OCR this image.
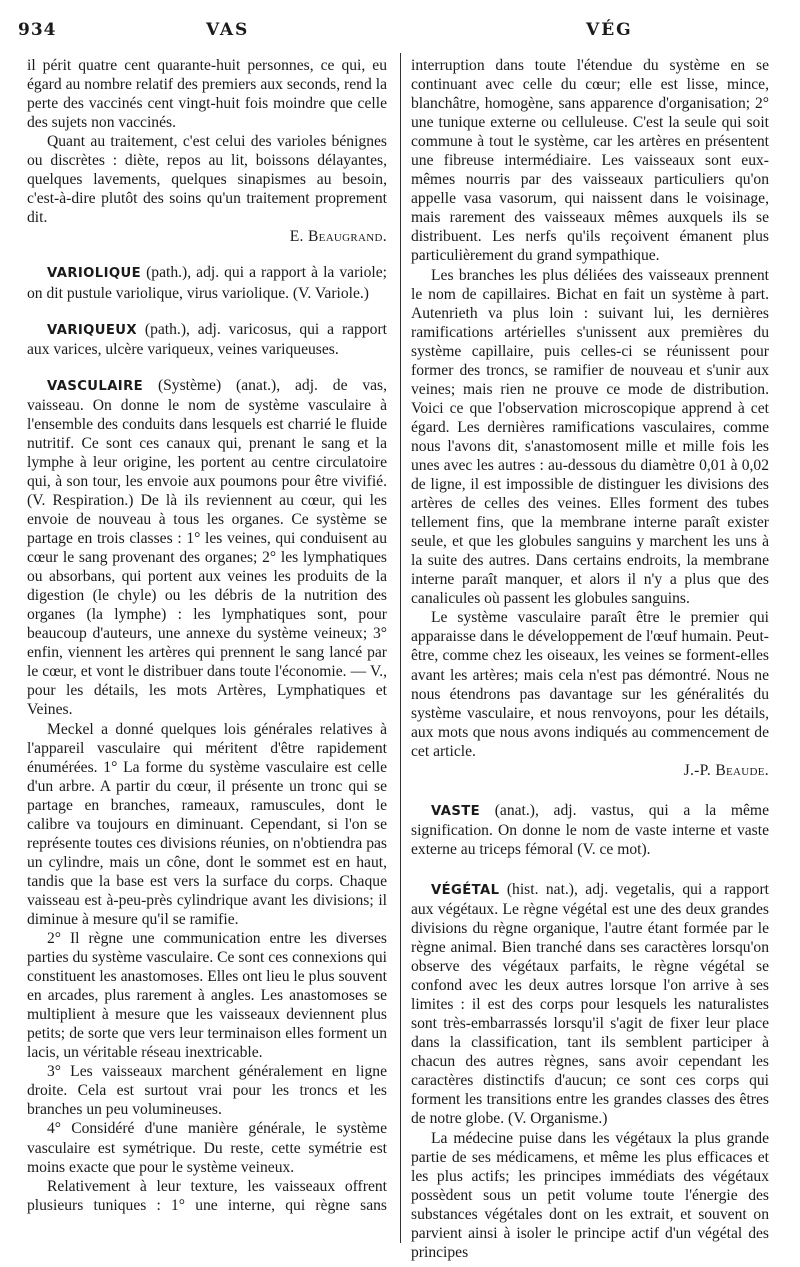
934	VAS	VÉG

il périt quatre cent quarante-huit personnes, ce qui, eu égard au nombre relatif des premiers aux seconds, rend la perte des vaccinés cent vingt-huit fois moindre que celle des sujets non vaccinés.

Quant au traitement, c'est celui des varioles bénignes ou discrètes : diète, repos au lit, boissons délayantes, quelques lavements, quelques sinapismes au besoin, c'est-à-dire plutôt des soins qu'un traitement proprement dit.

E. Beaugrand.

VARIOLIQUE (path.), adj. qui a rapport à la variole; on dit pustule variolique, virus variolique. (V. Variole.)

VARIQUEUX (path.), adj. varicosus, qui a rapport aux varices, ulcère variqueux, veines variqueuses.

VASCULAIRE (Système) (anat.), adj. de vas, vaisseau. On donne le nom de système vasculaire à l'ensemble des conduits dans lesquels est charrié le fluide nutritif. Ce sont ces canaux qui, prenant le sang et la lymphe à leur origine, les portent au centre circulatoire qui, à son tour, les envoie aux poumons pour être vivifié. (V. Respiration.) De là ils reviennent au cœur, qui les envoie de nouveau à tous les organes. Ce système se partage en trois classes : 1° les veines, qui conduisent au cœur le sang provenant des organes; 2° les lymphatiques ou absorbans, qui portent aux veines les produits de la digestion (le chyle) ou les débris de la nutrition des organes (la lymphe) : les lymphatiques sont, pour beaucoup d'auteurs, une annexe du système veineux; 3° enfin, viennent les artères qui prennent le sang lancé par le cœur, et vont le distribuer dans toute l'économie. — V., pour les détails, les mots Artères, Lymphatiques et Veines.

Meckel a donné quelques lois générales relatives à l'appareil vasculaire qui méritent d'être rapidement énumérées. 1° La forme du système vasculaire est celle d'un arbre. A partir du cœur, il présente un tronc qui se partage en branches, rameaux, ramuscules, dont le calibre va toujours en diminuant. Cependant, si l'on se représente toutes ces divisions réunies, on n'obtiendra pas un cylindre, mais un cône, dont le sommet est en haut, tandis que la base est vers la surface du corps. Chaque vaisseau est à-peu-près cylindrique avant les divisions; il diminue à mesure qu'il se ramifie.

2° Il règne une communication entre les diverses parties du système vasculaire. Ce sont ces connexions qui constituent les anastomoses. Elles ont lieu le plus souvent en arcades, plus rarement à angles. Les anastomoses se multiplient à mesure que les vaisseaux deviennent plus petits; de sorte que vers leur terminaison elles forment un lacis, un véritable réseau inextricable.

3° Les vaisseaux marchent généralement en ligne droite. Cela est surtout vrai pour les troncs et les branches un peu volumineuses.

4° Considéré d'une manière générale, le système vasculaire est symétrique. Du reste, cette symétrie est moins exacte que pour le système veineux.

Relativement à leur texture, les vaisseaux offrent plusieurs tuniques : 1° une interne, qui règne sans

interruption dans toute l'étendue du système en se continuant avec celle du cœur; elle est lisse, mince, blanchâtre, homogène, sans apparence d'organisation; 2° une tunique externe ou celluleuse. C'est la seule qui soit commune à tout le système, car les artères en présentent une fibreuse intermédiaire. Les vaisseaux sont eux-mêmes nourris par des vaisseaux particuliers qu'on appelle vasa vasorum, qui naissent dans le voisinage, mais rarement des vaisseaux mêmes auxquels ils se distribuent. Les nerfs qu'ils reçoivent émanent plus particulièrement du grand sympathique.

Les branches les plus déliées des vaisseaux prennent le nom de capillaires. Bichat en fait un système à part. Autenrieth va plus loin : suivant lui, les dernières ramifications artérielles s'unissent aux premières du système capillaire, puis celles-ci se réunissent pour former des troncs, se ramifier de nouveau et s'unir aux veines; mais rien ne prouve ce mode de distribution. Voici ce que l'observation microscopique apprend à cet égard. Les dernières ramifications vasculaires, comme nous l'avons dit, s'anastomosent mille et mille fois les unes avec les autres : au-dessous du diamètre 0,01 à 0,02 de ligne, il est impossible de distinguer les divisions des artères de celles des veines. Elles forment des tubes tellement fins, que la membrane interne paraît exister seule, et que les globules sanguins y marchent les uns à la suite des autres. Dans certains endroits, la membrane interne paraît manquer, et alors il n'y a plus que des canalicules où passent les globules sanguins.

Le système vasculaire paraît être le premier qui apparaisse dans le développement de l'œuf humain. Peut-être, comme chez les oiseaux, les veines se forment-elles avant les artères; mais cela n'est pas démontré. Nous ne nous étendrons pas davantage sur les généralités du système vasculaire, et nous renvoyons, pour les détails, aux mots que nous avons indiqués au commencement de cet article.

J.-P. Beaude.

VASTE (anat.), adj. vastus, qui a la même signification. On donne le nom de vaste interne et vaste externe au triceps fémoral (V. ce mot).

VÉGÉTAL (hist. nat.), adj. vegetalis, qui a rapport aux végétaux. Le règne végétal est une des deux grandes divisions du règne organique, l'autre étant formée par le règne animal. Bien tranché dans ses caractères lorsqu'on observe des végétaux parfaits, le règne végétal se confond avec les deux autres lorsque l'on arrive à ses limites : il est des corps pour lesquels les naturalistes sont très-embarrassés lorsqu'il s'agit de fixer leur place dans la classification, tant ils semblent participer à chacun des autres règnes, sans avoir cependant les caractères distinctifs d'aucun; ce sont ces corps qui forment les transitions entre les grandes classes des êtres de notre globe. (V. Organisme.)

La médecine puise dans les végétaux la plus grande partie de ses médicamens, et même les plus efficaces et les plus actifs; les principes immédiats des végétaux possèdent sous un petit volume toute l'énergie des substances végétales dont on les extrait, et souvent on parvient ainsi à isoler le principe actif d'un végétal des principes
